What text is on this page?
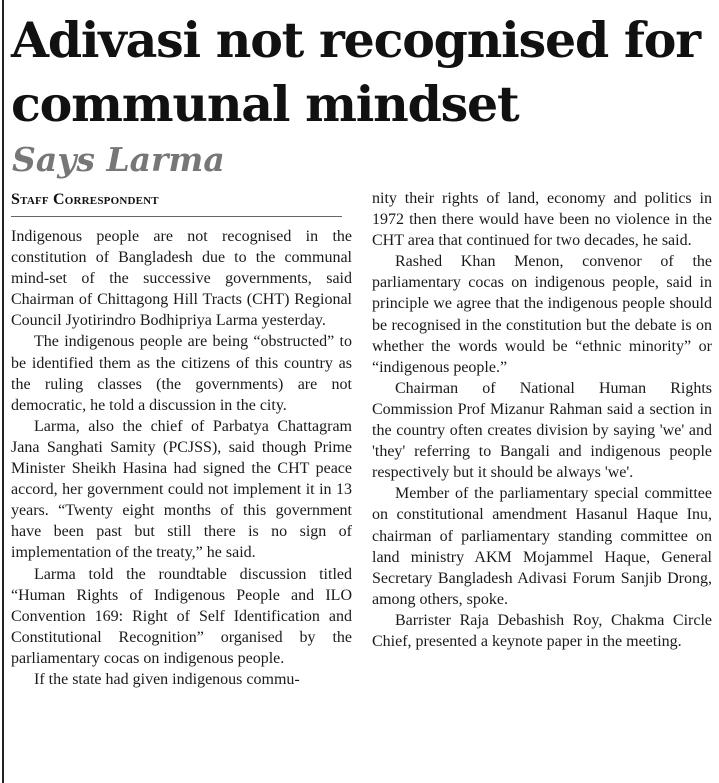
Adivasi not recognised for communal mindset
Says Larma
Staff Correspondent

Indigenous people are not recognised in the constitution of Bangladesh due to the communal mind-set of the successive governments, said Chairman of Chittagong Hill Tracts (CHT) Regional Council Jyotirindro Bodhipriya Larma yesterday.

The indigenous people are being “obstructed” to be identified them as the citizens of this country as the ruling classes (the governments) are not democratic, he told a discussion in the city.

Larma, also the chief of Parbatya Chattagram Jana Sanghati Samity (PCJSS), said though Prime Minister Sheikh Hasina had signed the CHT peace accord, her government could not implement it in 13 years. “Twenty eight months of this government have been past but still there is no sign of implementation of the treaty,” he said.

Larma told the roundtable discussion titled “Human Rights of Indigenous People and ILO Convention 169: Right of Self Identification and Constitutional Recognition” organised by the parliamentary cocas on indigenous people.

If the state had given indigenous commu-

nity their rights of land, economy and politics in 1972 then there would have been no violence in the CHT area that continued for two decades, he said.

Rashed Khan Menon, convenor of the parliamentary cocas on indigenous people, said in principle we agree that the indigenous people should be recognised in the constitution but the debate is on whether the words would be “ethnic minority” or “indigenous people.”

Chairman of National Human Rights Commission Prof Mizanur Rahman said a section in the country often creates division by saying 'we' and 'they' referring to Bangali and indigenous people respectively but it should be always 'we'.

Member of the parliamentary special committee on constitutional amendment Hasanul Haque Inu, chairman of parliamentary standing committee on land ministry AKM Mojammel Haque, General Secretary Bangladesh Adivasi Forum Sanjib Drong, among others, spoke.

Barrister Raja Debashish Roy, Chakma Circle Chief, presented a keynote paper in the meeting.
